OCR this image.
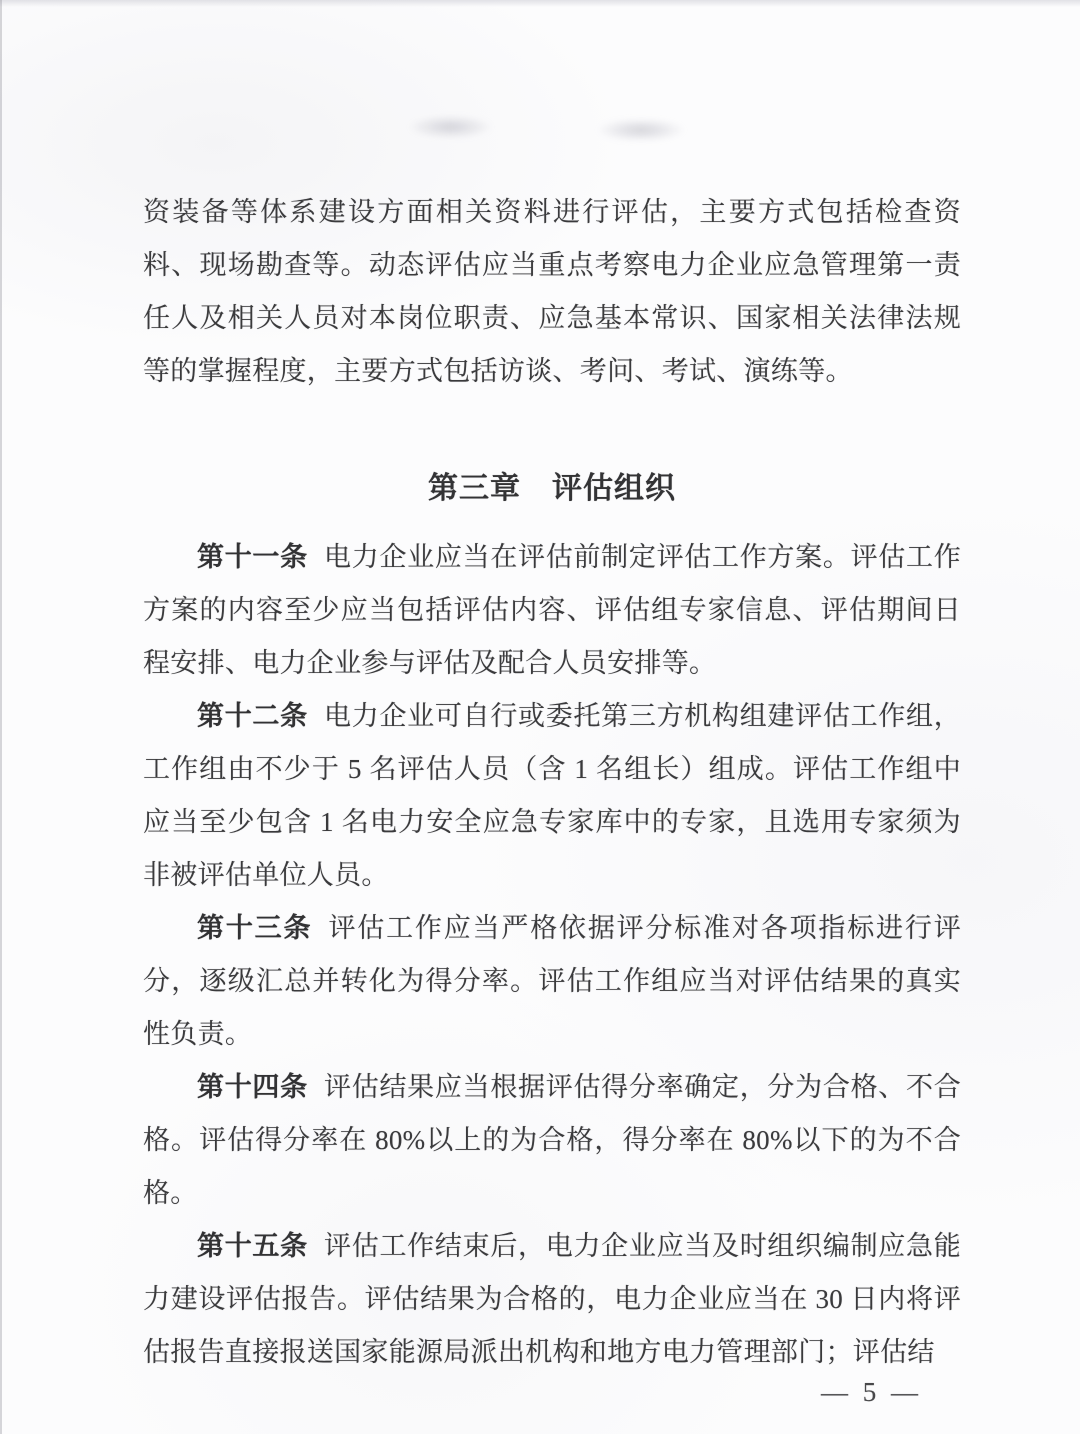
资装备等体系建设方面相关资料进行评估，主要方式包括检查资料、现场勘查等。动态评估应当重点考察电力企业应急管理第一责任人及相关人员对本岗位职责、应急基本常识、国家相关法律法规等的掌握程度，主要方式包括访谈、考问、考试、演练等。

第三章　评估组织

第十一条 电力企业应当在评估前制定评估工作方案。评估工作方案的内容至少应当包括评估内容、评估组专家信息、评估期间日程安排、电力企业参与评估及配合人员安排等。

第十二条 电力企业可自行或委托第三方机构组建评估工作组，工作组由不少于 5 名评估人员（含 1 名组长）组成。评估工作组中应当至少包含 1 名电力安全应急专家库中的专家，且选用专家须为非被评估单位人员。

第十三条 评估工作应当严格依据评分标准对各项指标进行评分，逐级汇总并转化为得分率。评估工作组应当对评估结果的真实性负责。

第十四条 评估结果应当根据评估得分率确定，分为合格、不合格。评估得分率在 80%以上的为合格，得分率在 80%以下的为不合格。

第十五条 评估工作结束后，电力企业应当及时组织编制应急能力建设评估报告。评估结果为合格的，电力企业应当在 30 日内将评估报告直接报送国家能源局派出机构和地方电力管理部门；评估结

— 5 —
